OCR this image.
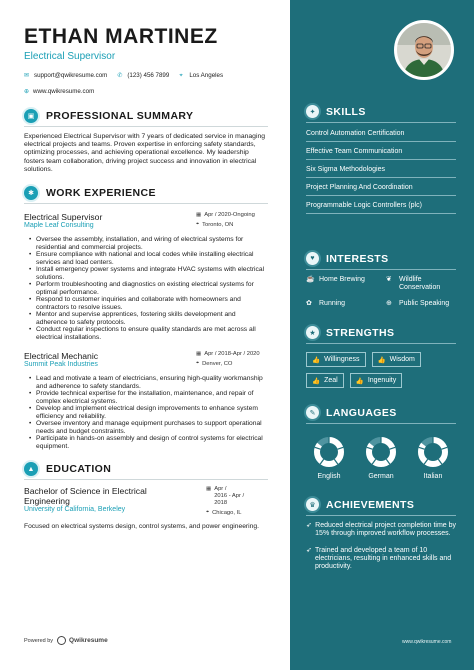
ETHAN MARTINEZ
Electrical Supervisor
✉ support@qwikresume.com ✆ (123) 456 7899 ⌖	Los Angeles
⊕ www.qwikresume.com
▣	PROFESSIONAL SUMMARY
Experienced Electrical Supervisor with 7 years of dedicated service in managing electrical projects and teams. Proven expertise in enforcing safety standards, optimizing processes, and achieving operational excellence. My leadership fosters team collaboration, driving project success and innovation in electrical solutions.
✱	WORK EXPERIENCE
Electrical Supervisor
Maple Leaf Consulting
▦ Apr / 2020-Ongoing
⌖ Toronto, ON
• Oversee the assembly, installation, and wiring of electrical systems for residential and commercial projects.
• Ensure compliance with national and local codes while installing electrical services and load centers.
• Install emergency power systems and integrate HVAC systems with electrical solutions.
• Perform troubleshooting and diagnostics on existing electrical systems for optimal performance.
• Respond to customer inquiries and collaborate with homeowners and contractors to resolve issues.
• Mentor and supervise apprentices, fostering skills development and adherence to safety protocols.
• Conduct regular inspections to ensure quality standards are met across all electrical installations.
Electrical Mechanic
Summit Peak Industries
▦ Apr / 2018-Apr / 2020
⌖ Denver, CO
• Lead and motivate a team of electricians, ensuring high-quality workmanship and adherence to safety standards.
• Provide technical expertise for the installation, maintenance, and repair of complex electrical systems.
• Develop and implement electrical design improvements to enhance system efficiency and reliability.
• Oversee inventory and manage equipment purchases to support operational needs and budget constraints.
• Participate in hands-on assembly and design of control systems for electrical equipment.
▲	EDUCATION
Bachelor of Science in Electrical Engineering
University of California, Berkeley
▦ Apr /
2016 - Apr /
2018
⌖ Chicago, IL
Focused on electrical systems design, control systems, and power engineering.
Powered by Qwikresume
✦	SKILLS
Control Automation Certification
Effective Team Communication
Six Sigma Methodologies
Project Planning And Coordination
Programmable Logic Controllers (plc)
♥	INTERESTS
☕ Home Brewing	❦	Wildlife Conservation
✿	Running	⊕	Public Speaking
★ STRENGTHS
👍 Willingness	👍 Wisdom
👍 Zeal	👍 Ingenuity
✎	LANGUAGES
English	German	Italian
♛ ACHIEVEMENTS
➶ Reduced electrical project completion time by 15% through improved workflow processes.
➶ Trained and developed a team of 10 electricians, resulting in enhanced skills and productivity.
www.qwikresume.com
